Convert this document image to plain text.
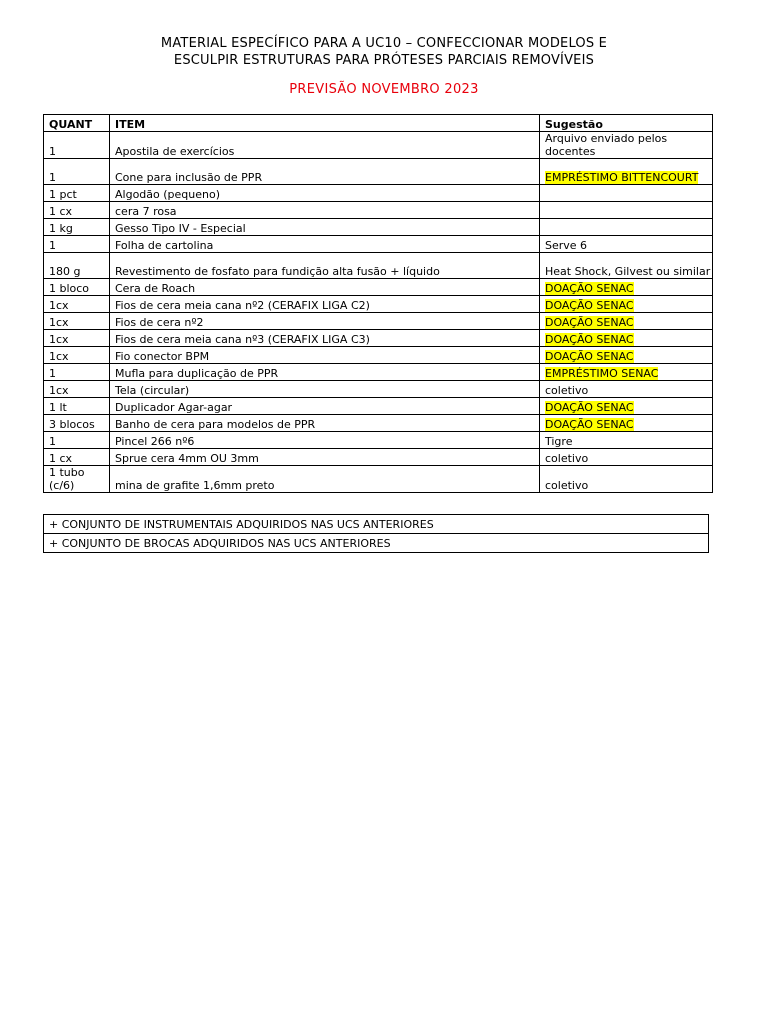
MATERIAL ESPECÍFICO PARA A UC10 – CONFECCIONAR MODELOS E
ESCULPIR ESTRUTURAS PARA PRÓTESES PARCIAIS REMOVÍVEIS
PREVISÃO NOVEMBRO 2023
QUANT	ITEM	Sugestão
1	Apostila de exercícios	Arquivo enviado pelos docentes
1	Cone para inclusão de PPR	EMPRÉSTIMO BITTENCOURT
1 pct	Algodão (pequeno)	
1 cx	cera 7 rosa	
1 kg	Gesso Tipo IV - Especial	
1	Folha de cartolina	Serve 6
180 g	Revestimento de fosfato para fundição alta fusão + líquido	Heat Shock, Gilvest ou similar
1 bloco	Cera de Roach	DOAÇÃO SENAC
1cx	Fios de cera meia cana nº2 (CERAFIX LIGA C2)	DOAÇÃO SENAC
1cx	Fios de cera nº2	DOAÇÃO SENAC
1cx	Fios de cera meia cana nº3 (CERAFIX LIGA C3)	DOAÇÃO SENAC
1cx	Fio conector BPM	DOAÇÃO SENAC
1	Mufla para duplicação de PPR	EMPRÉSTIMO SENAC
1cx	Tela (circular)	coletivo
1 lt	Duplicador Agar-agar	DOAÇÃO SENAC
3 blocos	Banho de cera para modelos de PPR	DOAÇÃO SENAC
1	Pincel 266 nº6	Tigre
1 cx	Sprue cera 4mm OU 3mm	coletivo
1 tubo (c/6)	mina de grafite 1,6mm preto	coletivo
+ CONJUNTO DE INSTRUMENTAIS ADQUIRIDOS NAS UCS ANTERIORES
+ CONJUNTO DE BROCAS ADQUIRIDOS NAS UCS ANTERIORES
